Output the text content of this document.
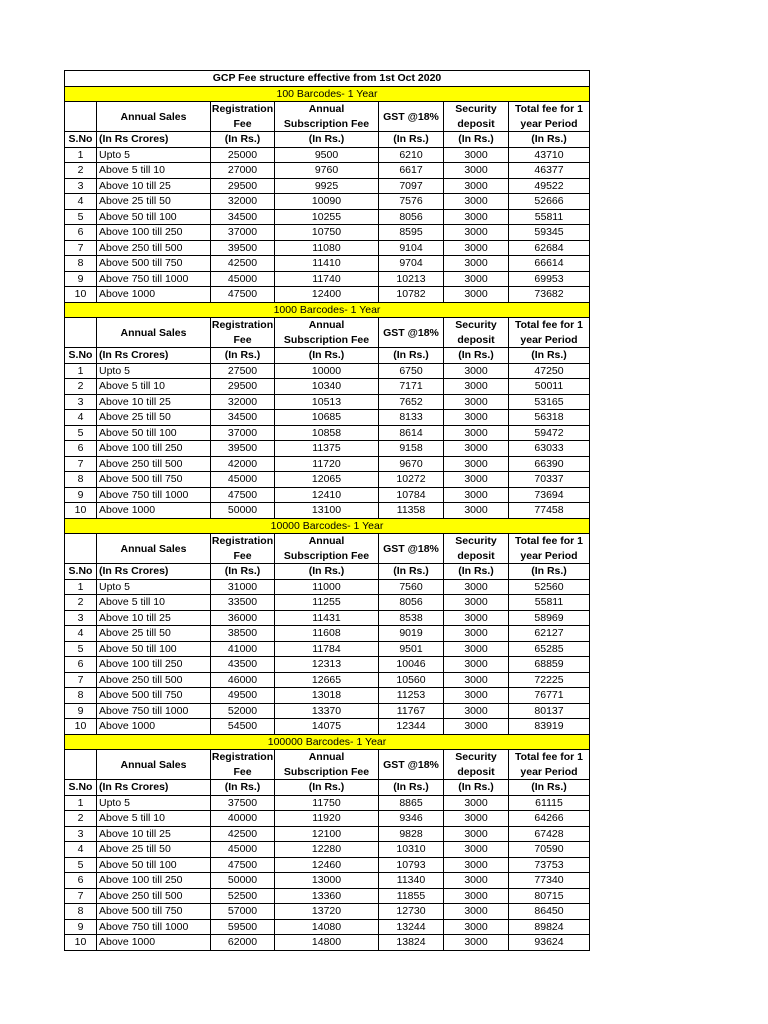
GCP Fee structure effective from 1st Oct 2020						
100 Barcodes- 1 Year						
	Annual Sales	Registration	Annual	GST @18%	Security	Total fee for 1
		Fee	Subscription Fee		deposit	year Period
S.No	(In Rs Crores)	(In Rs.)	(In Rs.)	(In Rs.)	(In Rs.)	(In Rs.)
1	Upto 5	25000	9500	6210	3000	43710
2	Above 5 till 10	27000	9760	6617	3000	46377
3	Above 10 till 25	29500	9925	7097	3000	49522
4	Above 25 till 50	32000	10090	7576	3000	52666
5	Above 50 till 100	34500	10255	8056	3000	55811
6	Above 100 till 250	37000	10750	8595	3000	59345
7	Above 250 till 500	39500	11080	9104	3000	62684
8	Above 500 till 750	42500	11410	9704	3000	66614
9	Above 750 till 1000	45000	11740	10213	3000	69953
10	Above 1000	47500	12400	10782	3000	73682
1000 Barcodes- 1 Year						
	Annual Sales	Registration	Annual	GST @18%	Security	Total fee for 1
		Fee	Subscription Fee		deposit	year Period
S.No	(In Rs Crores)	(In Rs.)	(In Rs.)	(In Rs.)	(In Rs.)	(In Rs.)
1	Upto 5	27500	10000	6750	3000	47250
2	Above 5 till 10	29500	10340	7171	3000	50011
3	Above 10 till 25	32000	10513	7652	3000	53165
4	Above 25 till 50	34500	10685	8133	3000	56318
5	Above 50 till 100	37000	10858	8614	3000	59472
6	Above 100 till 250	39500	11375	9158	3000	63033
7	Above 250 till 500	42000	11720	9670	3000	66390
8	Above 500 till 750	45000	12065	10272	3000	70337
9	Above 750 till 1000	47500	12410	10784	3000	73694
10	Above 1000	50000	13100	11358	3000	77458
10000 Barcodes- 1 Year						
	Annual Sales	Registration	Annual	GST @18%	Security	Total fee for 1
		Fee	Subscription Fee		deposit	year Period
S.No	(In Rs Crores)	(In Rs.)	(In Rs.)	(In Rs.)	(In Rs.)	(In Rs.)
1	Upto 5	31000	11000	7560	3000	52560
2	Above 5 till 10	33500	11255	8056	3000	55811
3	Above 10 till 25	36000	11431	8538	3000	58969
4	Above 25 till 50	38500	11608	9019	3000	62127
5	Above 50 till 100	41000	11784	9501	3000	65285
6	Above 100 till 250	43500	12313	10046	3000	68859
7	Above 250 till 500	46000	12665	10560	3000	72225
8	Above 500 till 750	49500	13018	11253	3000	76771
9	Above 750 till 1000	52000	13370	11767	3000	80137
10	Above 1000	54500	14075	12344	3000	83919
100000 Barcodes- 1 Year						
	Annual Sales	Registration	Annual	GST @18%	Security	Total fee for 1
		Fee	Subscription Fee		deposit	year Period
S.No	(In Rs Crores)	(In Rs.)	(In Rs.)	(In Rs.)	(In Rs.)	(In Rs.)
1	Upto 5	37500	11750	8865	3000	61115
2	Above 5 till 10	40000	11920	9346	3000	64266
3	Above 10 till 25	42500	12100	9828	3000	67428
4	Above 25 till 50	45000	12280	10310	3000	70590
5	Above 50 till 100	47500	12460	10793	3000	73753
6	Above 100 till 250	50000	13000	11340	3000	77340
7	Above 250 till 500	52500	13360	11855	3000	80715
8	Above 500 till 750	57000	13720	12730	3000	86450
9	Above 750 till 1000	59500	14080	13244	3000	89824
10	Above 1000	62000	14800	13824	3000	93624
